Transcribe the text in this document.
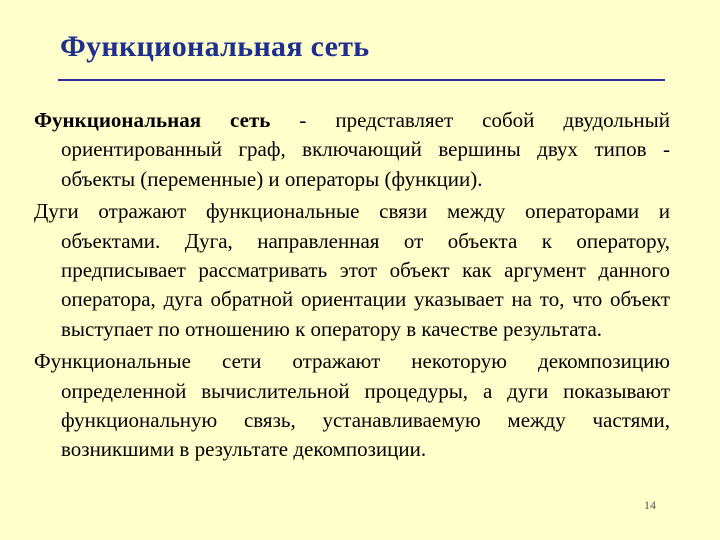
Функциональная сеть

Функциональная сеть - представляет собой двудольный ориентированный граф, включающий вершины двух типов - объекты (переменные) и операторы (функции).

Дуги отражают функциональные связи между операторами и объектами. Дуга, направленная от объекта к оператору, предписывает рассматривать этот объект как аргумент данного оператора, дуга обратной ориентации указывает на то, что объект выступает по отношению к оператору в качестве результата.

Функциональные сети отражают некоторую декомпозицию определенной вычислительной процедуры, а дуги показывают функциональную связь, устанавливаемую между частями, возникшими в результате декомпозиции.

14
